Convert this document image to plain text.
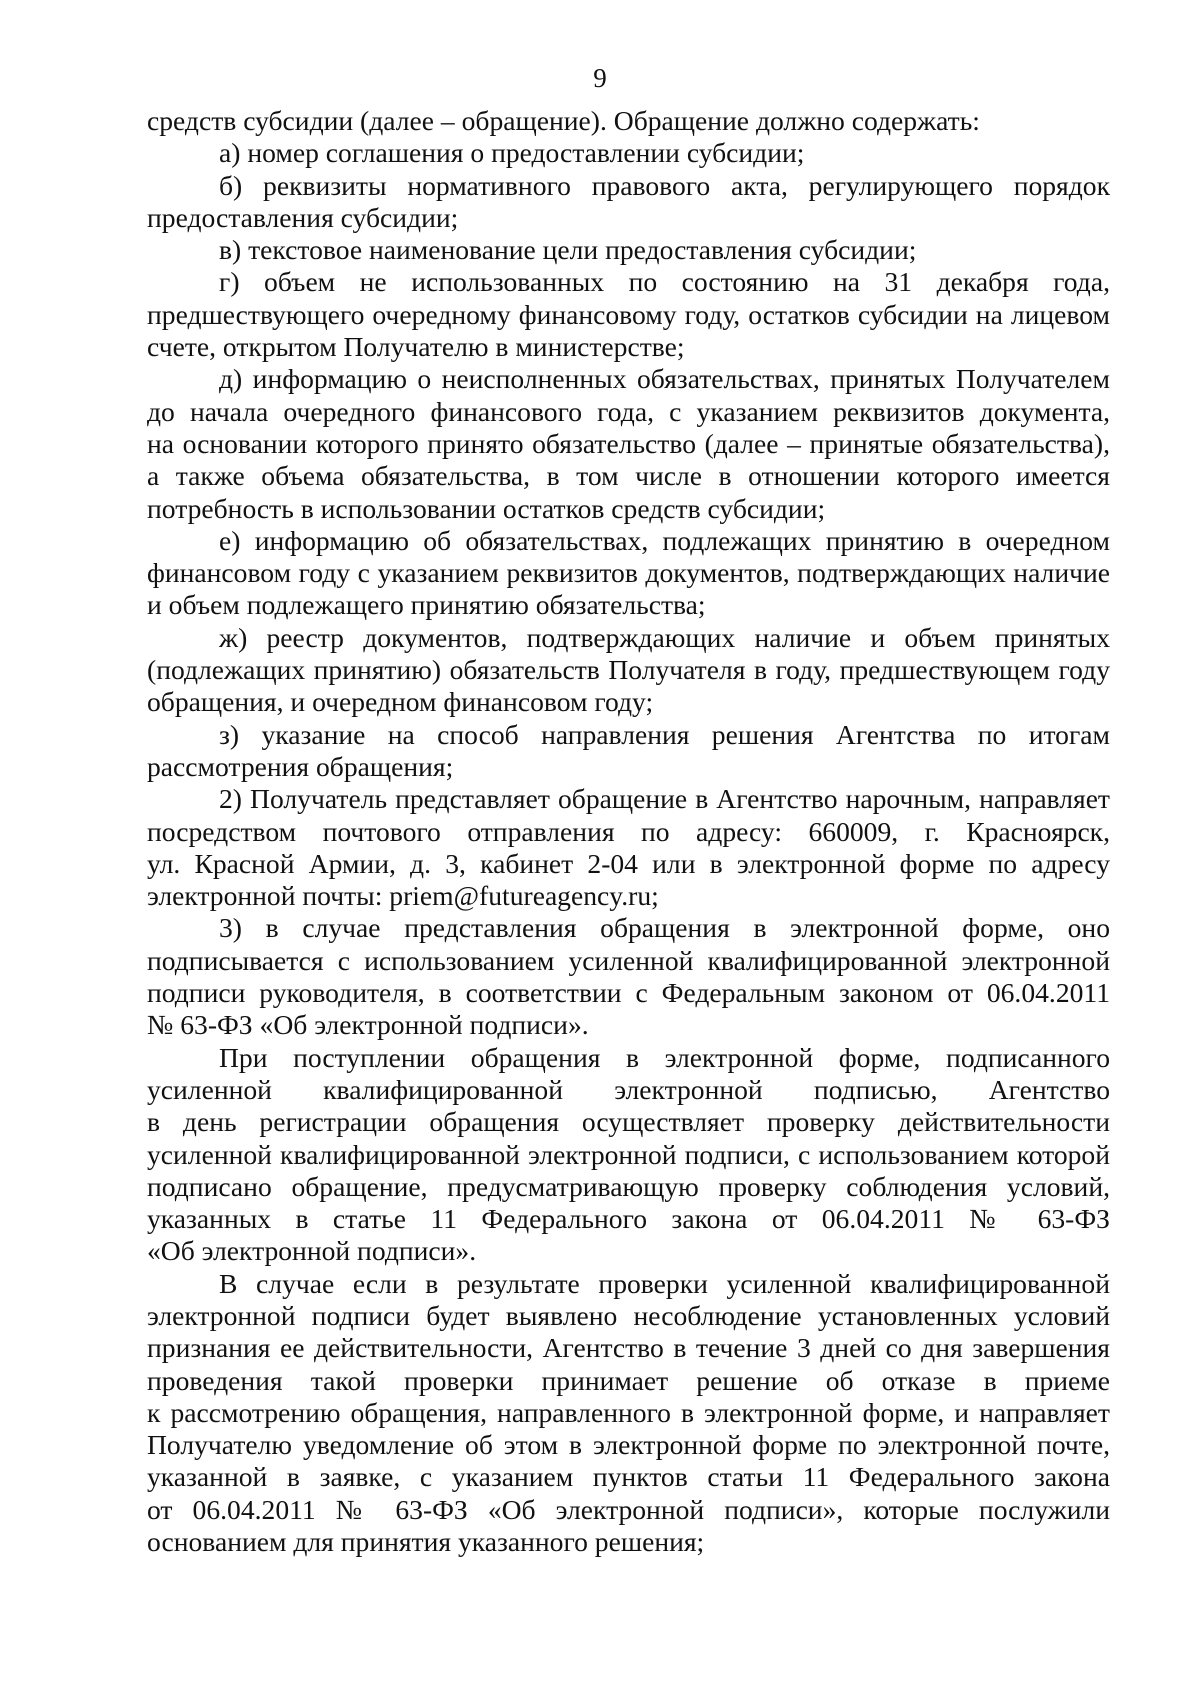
9
средств субсидии (далее – обращение). Обращение должно содержать:
а) номер соглашения о предоставлении субсидии;
б) реквизиты нормативного правового акта, регулирующего порядок
предоставления субсидии;
в) текстовое наименование цели предоставления субсидии;
г) объем не использованных по состоянию на 31 декабря года,
предшествующего очередному финансовому году, остатков субсидии на лицевом
счете, открытом Получателю в министерстве;
д) информацию о неисполненных обязательствах, принятых Получателем
до начала очередного финансового года, с указанием реквизитов документа,
на основании которого принято обязательство (далее – принятые обязательства),
а также объема обязательства, в том числе в отношении которого имеется
потребность в использовании остатков средств субсидии;
е) информацию об обязательствах, подлежащих принятию в очередном
финансовом году с указанием реквизитов документов, подтверждающих наличие
и объем подлежащего принятию обязательства;
ж) реестр документов, подтверждающих наличие и объем принятых
(подлежащих принятию) обязательств Получателя в году, предшествующем году
обращения, и очередном финансовом году;
з) указание на способ направления решения Агентства по итогам
рассмотрения обращения;
2) Получатель представляет обращение в Агентство нарочным, направляет
посредством почтового отправления по адресу: 660009, г. Красноярск,
ул. Красной Армии, д. 3, кабинет 2-04 или в электронной форме по адресу
электронной почты: priem@futureagency.ru;
3) в случае представления обращения в электронной форме, оно
подписывается с использованием усиленной квалифицированной электронной
подписи руководителя, в соответствии с Федеральным законом от 06.04.2011
№ 63-ФЗ «Об электронной подписи».
При поступлении обращения в электронной форме, подписанного
усиленной квалифицированной электронной подписью, Агентство
в день регистрации обращения осуществляет проверку действительности
усиленной квалифицированной электронной подписи, с использованием которой
подписано обращение, предусматривающую проверку соблюдения условий,
указанных в статье 11 Федерального закона от 06.04.2011 № 63-ФЗ
«Об электронной подписи».
В случае если в результате проверки усиленной квалифицированной
электронной подписи будет выявлено несоблюдение установленных условий
признания ее действительности, Агентство в течение 3 дней со дня завершения
проведения такой проверки принимает решение об отказе в приеме
к рассмотрению обращения, направленного в электронной форме, и направляет
Получателю уведомление об этом в электронной форме по электронной почте,
указанной в заявке, с указанием пунктов статьи 11 Федерального закона
от 06.04.2011 № 63-ФЗ «Об электронной подписи», которые послужили
основанием для принятия указанного решения;
